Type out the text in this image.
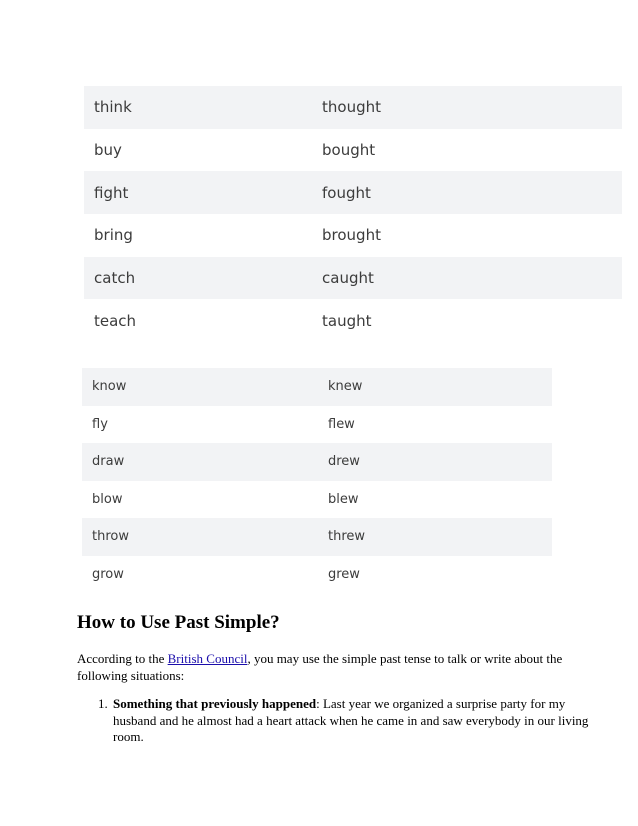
think	thought
buy	bought
fight	fought
bring	brought
catch	caught
teach	taught
know	knew
fly	flew
draw	drew
blow	blew
throw	threw
grow	grew
How to Use Past Simple?

According to the British Council, you may use the simple past tense to talk or write about the following situations:

1. Something that previously happened: Last year we organized a surprise party for my husband and he almost had a heart attack when he came in and saw everybody in our living room.
